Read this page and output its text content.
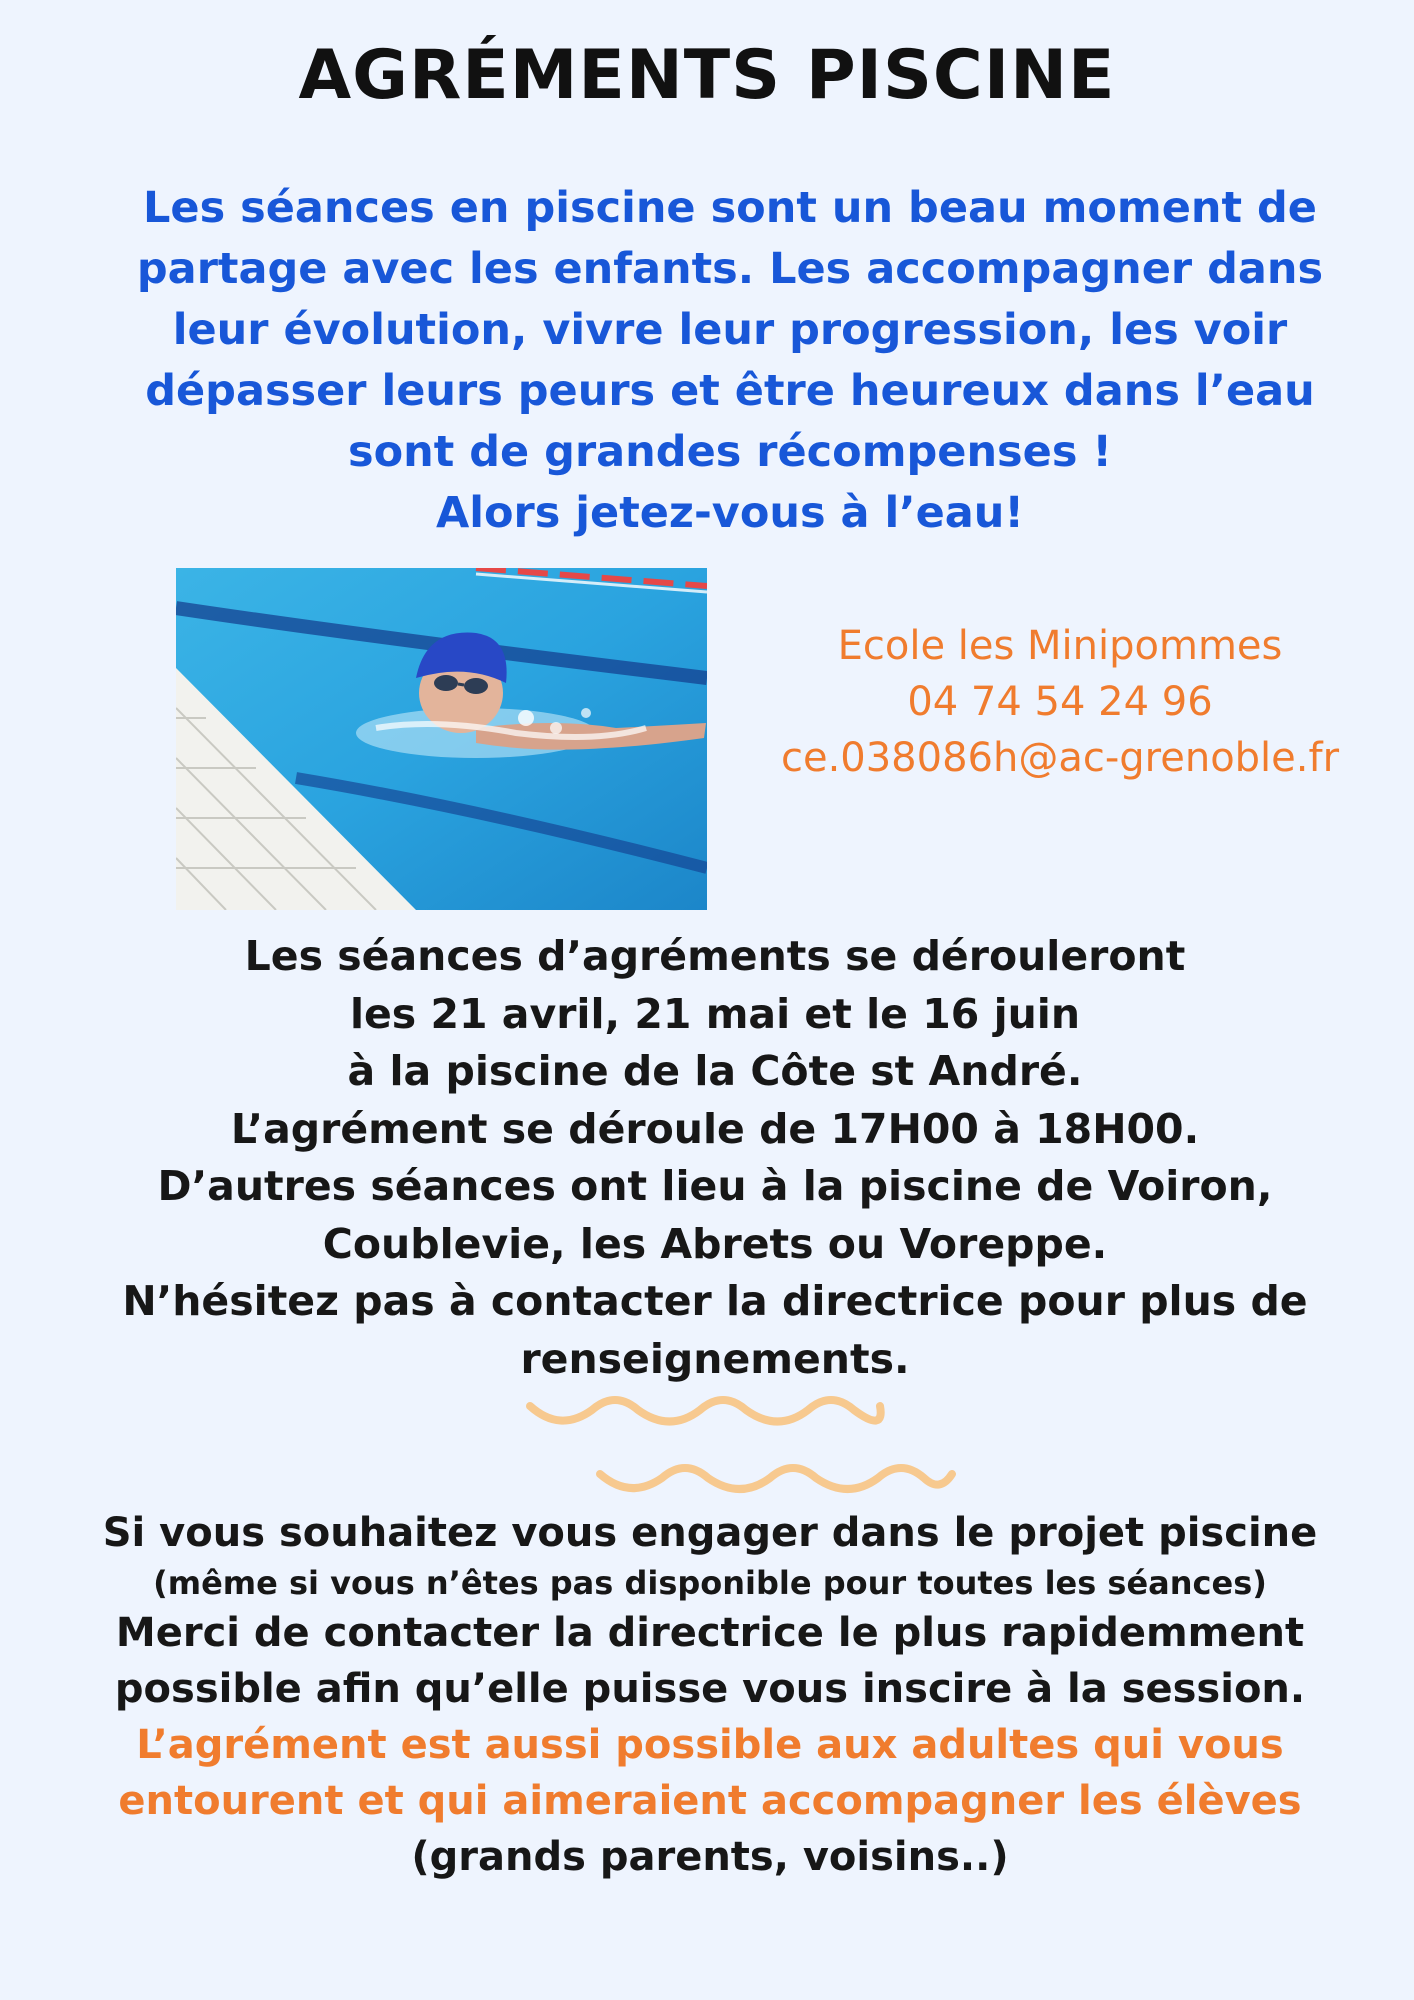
AGRÉMENTS PISCINE
Les séances en piscine sont un beau moment de
partage avec les enfants. Les accompagner dans
leur évolution, vivre leur progression, les voir
dépasser leurs peurs et être heureux dans l’eau
sont de grandes récompenses !
Alors jetez-vous à l’eau!
Ecole les Minipommes
04 74 54 24 96
ce.038086h@ac-grenoble.fr
Les séances d’agréments se dérouleront
les 21 avril, 21 mai et le 16 juin
à la piscine de la Côte st André.
L’agrément se déroule de 17H00 à 18H00.
D’autres séances ont lieu à la piscine de Voiron,
Coublevie, les Abrets ou Voreppe.
N’hésitez pas à contacter la directrice pour plus de
renseignements.
Si vous souhaitez vous engager dans le projet piscine
(même si vous n’êtes pas disponible pour toutes les séances)
Merci de contacter la directrice le plus rapidemment
possible afin qu’elle puisse vous inscire à la session.
L’agrément est aussi possible aux adultes qui vous
entourent et qui aimeraient accompagner les élèves
(grands parents, voisins..)
